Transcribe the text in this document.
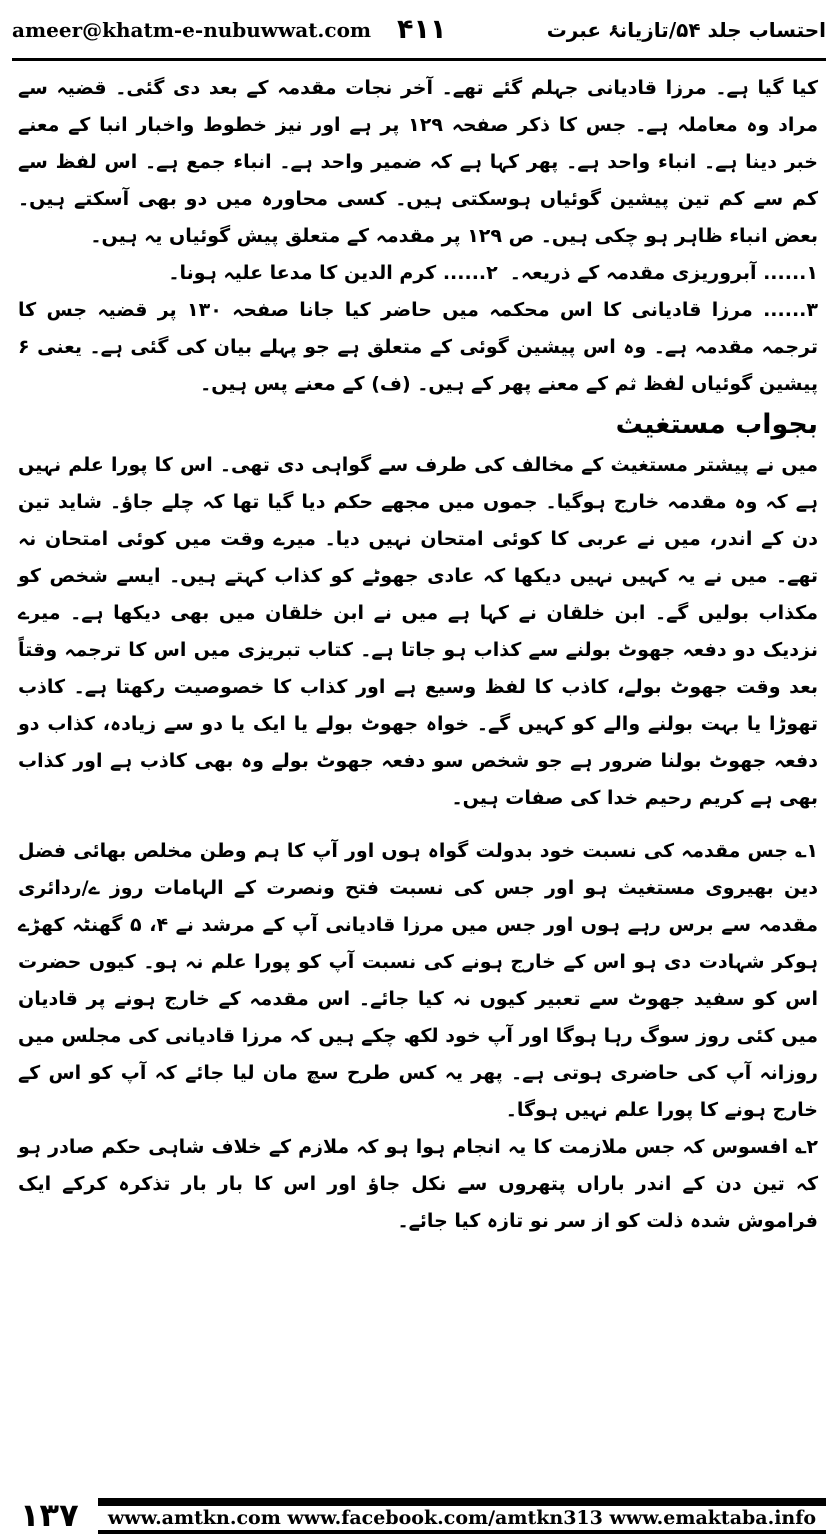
ameer@khatm-e-nubuwwat.com ۴۱۱	احتساب جلد ۵۴/تازیانۂ عبرت

کیا گیا ہے۔ مرزا قادیانی جہلم گئے تھے۔ آخر نجات مقدمہ کے بعد دی گئی۔ قضیہ سے مراد وہ معاملہ ہے۔ جس کا ذکر صفحہ ۱۲۹ پر ہے اور نیز خطوط واخبار انبا کے معنے خبر دینا ہے۔ انباء واحد ہے۔ پھر کہا ہے کہ ضمیر واحد ہے۔ انباء جمع ہے۔ اس لفظ سے کم سے کم تین پیشین گوئیاں ہوسکتی ہیں۔ کسی محاورہ میں دو بھی آسکتے ہیں۔ بعض انباء ظاہر ہو چکی ہیں۔ ص ۱۲۹ پر مقدمہ کے متعلق پیش گوئیاں یہ ہیں۔

۱...... آبروریزی مقدمہ کے ذریعہ۔
۲...... کرم الدین کا مدعا علیہ ہونا۔

۳...... مرزا قادیانی کا اس محکمہ میں حاضر کیا جانا صفحہ ۱۳۰ پر قضیہ جس کا ترجمہ مقدمہ ہے۔ وہ اس پیشین گوئی کے متعلق ہے جو پہلے بیان کی گئی ہے۔ یعنی ۶ پیشین گوئیاں لفظ ثم کے معنے پھر کے ہیں۔ (ف) کے معنے پس ہیں۔

بجواب مستغیث

میں نے پیشتر مستغیث کے مخالف کی طرف سے گواہی دی تھی۔ اس کا پورا علم نہیں ہے کہ وہ مقدمہ خارج ہوگیا۔ جموں میں مجھے حکم دیا گیا تھا کہ چلے جاؤ۔ شاید تین دن کے اندر، میں نے عربی کا کوئی امتحان نہیں دیا۔ میرے وقت میں کوئی امتحان نہ تھے۔ میں نے یہ کہیں نہیں دیکھا کہ عادی جھوٹے کو کذاب کہتے ہیں۔ ایسے شخص کو مکذاب بولیں گے۔ ابن خلقان نے کہا ہے میں نے ابن خلقان میں بھی دیکھا ہے۔ میرے نزدیک دو دفعہ جھوٹ بولنے سے کذاب ہو جاتا ہے۔ کتاب تبریزی میں اس کا ترجمہ وقتاً بعد وقت جھوٹ بولے، کاذب کا لفظ وسیع ہے اور کذاب کا خصوصیت رکھتا ہے۔ کاذب تھوڑا یا بہت بولنے والے کو کہیں گے۔ خواہ جھوٹ بولے یا ایک یا دو سے زیادہ، کذاب دو دفعہ جھوٹ بولنا ضرور ہے جو شخص سو دفعہ جھوٹ بولے وہ بھی کاذب ہے اور کذاب بھی ہے کریم رحیم خدا کی صفات ہیں۔

۱؎ جس مقدمہ کی نسبت خود بدولت گواہ ہوں اور آپ کا ہم وطن مخلص بھائی فضل دین بھیروی مستغیث ہو اور جس کی نسبت فتح ونصرت کے الہامات روز ے/ردائری مقدمہ سے برس رہے ہوں اور جس میں مرزا قادیانی آپ کے مرشد نے ۴، ۵ گھنٹہ کھڑے ہوکر شہادت دی ہو اس کے خارج ہونے کی نسبت آپ کو پورا علم نہ ہو۔ کیوں حضرت اس کو سفید جھوٹ سے تعبیر کیوں نہ کیا جائے۔ اس مقدمہ کے خارج ہونے پر قادیان میں کئی روز سوگ رہا ہوگا اور آپ خود لکھ چکے ہیں کہ مرزا قادیانی کی مجلس میں روزانہ آپ کی حاضری ہوتی ہے۔ پھر یہ کس طرح سچ مان لیا جائے کہ آپ کو اس کے خارج ہونے کا پورا علم نہیں ہوگا۔

۲؎ افسوس کہ جس ملازمت کا یہ انجام ہوا ہو کہ ملازم کے خلاف شاہی حکم صادر ہو کہ تین دن کے اندر باراں پتھروں سے نکل جاؤ اور اس کا بار بار تذکرہ کرکے ایک فراموش شدہ ذلت کو از سر نو تازہ کیا جائے۔

۱۳۷ www.amtkn.com www.facebook.com/amtkn313 www.emaktaba.info
